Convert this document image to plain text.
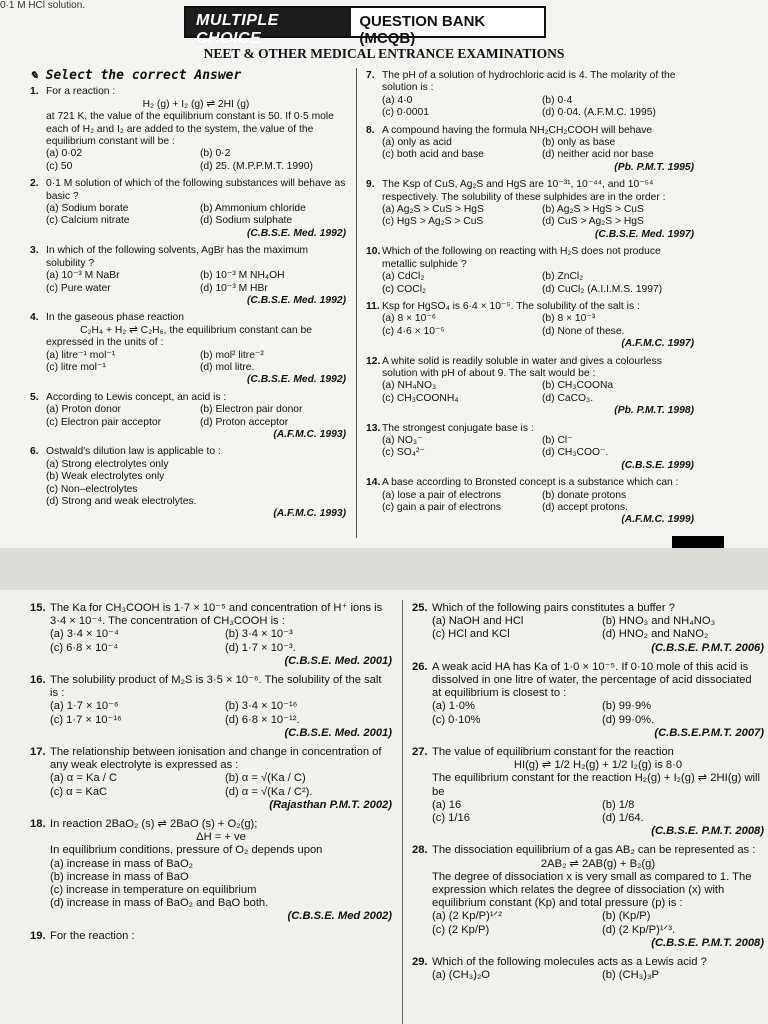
0·1 M HCl solution.
MULTIPLE CHOICE
QUESTION BANK (MCQB)
NEET & OTHER MEDICAL ENTRANCE EXAMINATIONS
✎ Select the correct Answer
1. For a reaction :
H₂ (g) + I₂ (g) ⇌ 2HI (g)
at 721 K, the value of the equilibrium constant is 50. If 0·5 mole each of H₂ and I₂ are added to the system, the value of the equilibrium constant will be :
(a) 0·02	(b) 0·2
(c) 50	(d) 25. (M.P.P.M.T. 1990)
2. 0·1 M solution of which of the following substances will behave as basic ?
(a) Sodium borate	(b) Ammonium chloride
(c) Calcium nitrate	(d) Sodium sulphate
(C.B.S.E. Med. 1992)
3. In which of the following solvents, AgBr has the maximum solubility ?
(a) 10⁻³ M NaBr	(b) 10⁻³ M NH₄OH
(c) Pure water	(d) 10⁻³ M HBr
(C.B.S.E. Med. 1992)
4. In the gaseous phase reaction
C₂H₄ + H₂ ⇌ C₂H₆, the equilibrium constant can be
expressed in the units of :
(a) litre⁻¹ mol⁻¹	(b) mol² litre⁻²
(c) litre mol⁻¹	(d) mol litre.
(C.B.S.E. Med. 1992)
5. According to Lewis concept, an acid is :
(a) Proton donor	(b) Electron pair donor
(c) Electron pair acceptor	(d) Proton acceptor
(A.F.M.C. 1993)
6. Ostwald's dilution law is applicable to :
(a) Strong electrolytes only
(b) Weak electrolytes only
(c) Non–electrolytes
(d) Strong and weak electrolytes.
(A.F.M.C. 1993)
7. The pH of a solution of hydrochloric acid is 4. The molarity of the solution is :
(a) 4·0	(b) 0·4
(c) 0·0001	(d) 0·04. (A.F.M.C. 1995)
8. A compound having the formula NH₂CH₂COOH will behave
(a) only as acid	(b) only as base
(c) both acid and base	(d) neither acid nor base
(Pb. P.M.T. 1995)
9. The Ksp of CuS, Ag₂S and HgS are 10⁻³¹, 10⁻⁴⁴, and 10⁻⁵⁴ respectively. The solubility of these sulphides are in the order :
(a) Ag₂S > CuS > HgS	(b) Ag₂S > HgS > CuS
(c) HgS > Ag₂S > CuS	(d) CuS > Ag₂S > HgS
(C.B.S.E. Med. 1997)
10. Which of the following on reacting with H₂S does not produce metallic sulphide ?
(a) CdCl₂	(b) ZnCl₂
(c) COCl₂	(d) CuCl₂ (A.I.I.M.S. 1997)
11. Ksp for HgSO₄ is 6·4 × 10⁻⁵. The solubility of the salt is :
(a) 8 × 10⁻⁶	(b) 8 × 10⁻³
(c) 4·6 × 10⁻⁵	(d) None of these.
(A.F.M.C. 1997)
12. A white solid is readily soluble in water and gives a colourless solution with pH of about 9. The salt would be :
(a) NH₄NO₃	(b) CH₃COONa
(c) CH₃COONH₄	(d) CaCO₃.
(Pb. P.M.T. 1998)
13. The strongest conjugate base is :
(a) NO₃⁻	(b) Cl⁻
(c) SO₄²⁻	(d) CH₃COO⁻.
(C.B.S.E. 1999)
14. A base according to Bronsted concept is a substance which can :
(a) lose a pair of electrons	(b) donate protons
(c) gain a pair of electrons	(d) accept protons.
(A.F.M.C. 1999)
15. The Ka for CH₃COOH is 1·7 × 10⁻⁵ and concentration of H⁺ ions is 3·4 × 10⁻⁴. The concentration of CH₃COOH is :
(a) 3·4 × 10⁻⁴	(b) 3·4 × 10⁻³
(c) 6·8 × 10⁻⁴	(d) 1·7 × 10⁻³.
(C.B.S.E. Med. 2001)
16. The solubility product of M₂S is 3·5 × 10⁻⁶. The solubility of the salt is :
(a) 1·7 × 10⁻⁶	(b) 3·4 × 10⁻¹⁶
(c) 1·7 × 10⁻¹⁶	(d) 6·8 × 10⁻¹².
(C.B.S.E. Med. 2001)
17. The relationship between ionisation and change in concentration of any weak electrolyte is expressed as :
(a) α = Ka / C	(b) α = √(Ka / C)
(c) α = KaC	(d) α = √(Ka / C²).
(Rajasthan P.M.T. 2002)
18. In reaction 2BaO₂ (s) ⇌ 2BaO (s) + O₂(g);
ΔH = + ve
In equilibrium conditions, pressure of O₂ depends upon
(a) increase in mass of BaO₂
(b) increase in mass of BaO
(c) increase in temperature on equilibrium
(d) increase in mass of BaO₂ and BaO both.
(C.B.S.E. Med 2002)
19. For the reaction :
25. Which of the following pairs constitutes a buffer ?
(a) NaOH and HCl	(b) HNO₃ and NH₄NO₃
(c) HCl and KCl	(d) HNO₂ and NaNO₂
(C.B.S.E. P.M.T. 2006)
26. A weak acid HA has Ka of 1·0 × 10⁻⁵. If 0·10 mole of this acid is dissolved in one litre of water, the percentage of acid dissociated at equilibrium is closest to :
(a) 1·0%	(b) 99·9%
(c) 0·10%	(d) 99·0%.
(C.B.S.E.P.M.T. 2007)
27. The value of equilibrium constant for the reaction
HI(g) ⇌ 1/2 H₂(g) + 1/2 I₂(g) is 8·0
The equilibrium constant for the reaction H₂(g) + I₂(g) ⇌ 2HI(g) will be
(a) 16	(b) 1/8
(c) 1/16	(d) 1/64.
(C.B.S.E. P.M.T. 2008)
28. The dissociation equilibrium of a gas AB₂ can be represented as :
2AB₂ ⇌ 2AB(g) + B₂(g)
The degree of dissociation x is very small as compared to 1. The expression which relates the degree of dissociation (x) with equilibrium constant (Kp) and total pressure (p) is :
(a) (2 Kp/P)¹ᐟ²	(b) (Kp/P)
(c) (2 Kp/P)	(d) (2 Kp/P)¹ᐟ³.
(C.B.S.E. P.M.T. 2008)
29. Which of the following molecules acts as a Lewis acid ?
(a) (CH₃)₂O	(b) (CH₃)₃P
